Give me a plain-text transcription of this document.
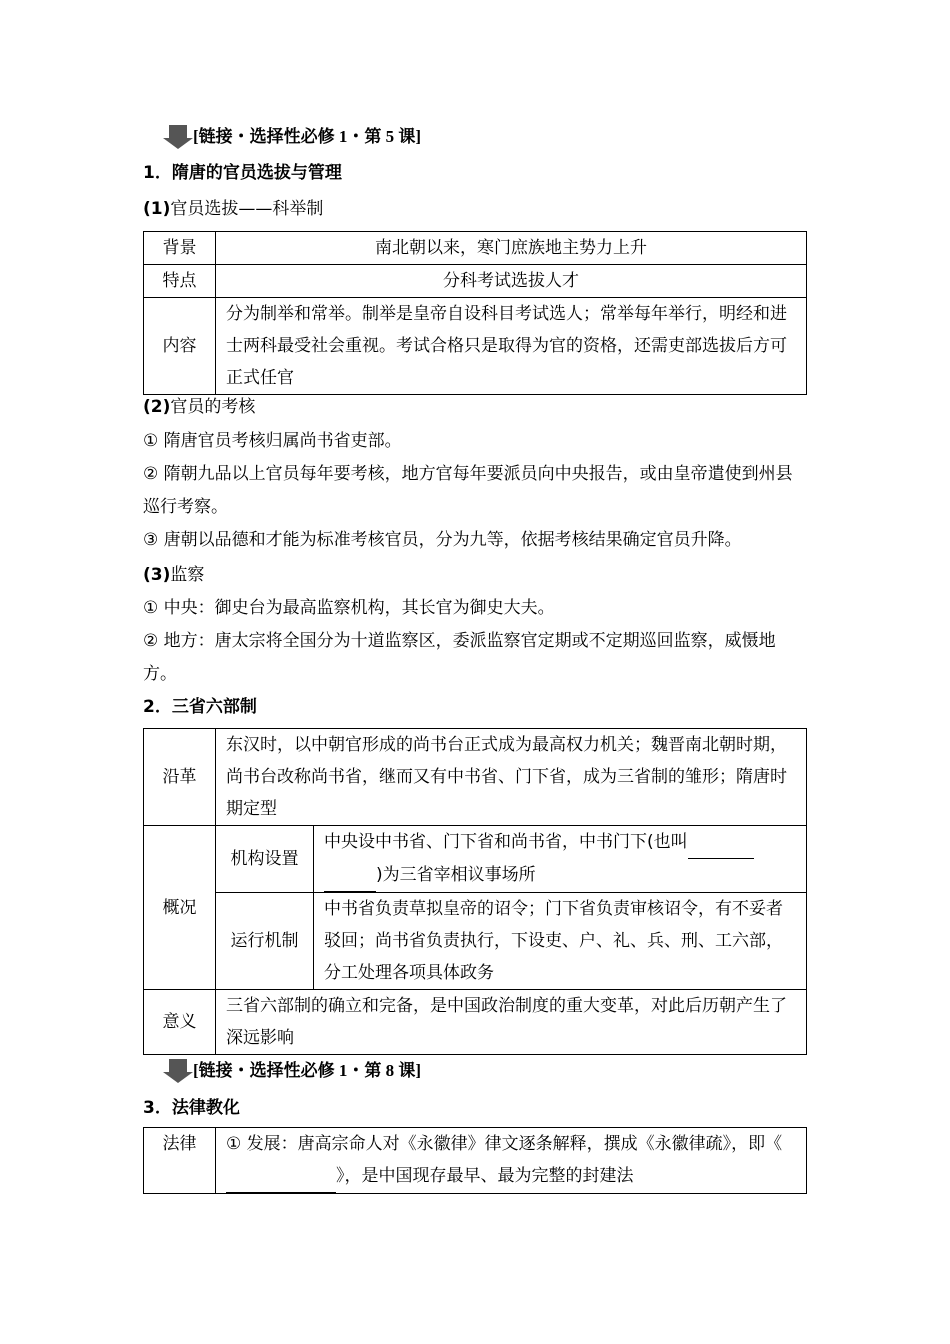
[链接・选择性必修 1・第 5 课]
1．隋唐的官员选拔与管理
(1)官员选拔——科举制
背景	南北朝以来，寒门庶族地主势力上升
特点	分科考试选拔人才
内容	分为制举和常举。制举是皇帝自设科目考试选人；常举每年举行，明经和进士两科最受社会重视。考试合格只是取得为官的资格，还需吏部选拔后方可正式任官
(2)官员的考核
① 隋唐官员考核归属尚书省吏部。
② 隋朝九品以上官员每年要考核，地方官每年要派员向中央报告，或由皇帝遣使到州县巡行考察。
③ 唐朝以品德和才能为标准考核官员，分为九等，依据考核结果确定官员升降。
(3)监察
① 中央：御史台为最高监察机构，其长官为御史大夫。
② 地方：唐太宗将全国分为十道监察区，委派监察官定期或不定期巡回监察，威慑地方。
2．三省六部制
沿革	东汉时，以中朝官形成的尚书台正式成为最高权力机关；魏晋南北朝时期，尚书台改称尚书省，继而又有中书省、门下省，成为三省制的雏形；隋唐时期定型	
概况	机构设置	中央设中书省、门下省和尚书省，中书门下(也叫
)为三省宰相议事场所
	运行机制	中书省负责草拟皇帝的诏令；门下省负责审核诏令，有不妥者驳回；尚书省负责执行，下设吏、户、礼、兵、刑、工六部，分工处理各项具体政务
意义	三省六部制的确立和完备，是中国政治制度的重大变革，对此后历朝产生了深远影响	
[链接・选择性必修 1・第 8 课]
3．法律教化
法律	① 发展：唐高宗命人对《永徽律》律文逐条解释，撰成《永徽律疏》，即《 》，是中国现存最早、最为完整的封建法
